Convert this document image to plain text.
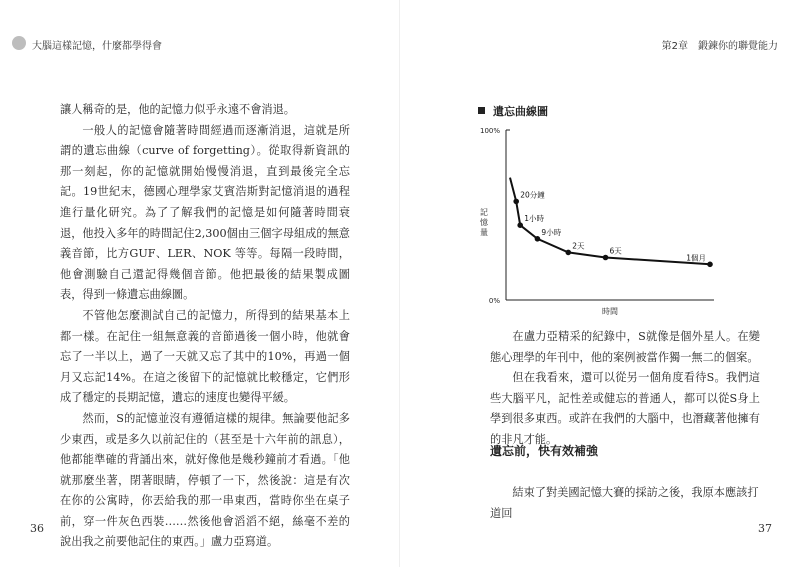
大腦這樣記憶，什麼都學得會

讓人稱奇的是，他的記憶力似乎永遠不會消退。

一般人的記憶會隨著時間經過而逐漸消退，這就是所謂的遺忘曲線（curve of forgetting）。從取得新資訊的那一刻起，你的記憶就開始慢慢消退，直到最後完全忘記。19世紀末，德國心理學家艾賓浩斯對記憶消退的過程進行量化研究。為了了解我們的記憶是如何隨著時間衰退，他投入多年的時間記住2,300個由三個字母組成的無意義音節，比方GUF、LER、NOK 等等。每隔一段時間，他會測驗自己還記得幾個音節。他把最後的結果製成圖表，得到一條遺忘曲線圖。

不管他怎麼測試自己的記憶力，所得到的結果基本上都一樣。在記住一組無意義的音節過後一個小時，他就會忘了一半以上，過了一天就又忘了其中的10%，再過一個月又忘記14%。在這之後留下的記憶就比較穩定，它們形成了穩定的長期記憶，遺忘的速度也變得平緩。

然而，S的記憶並沒有遵循這樣的規律。無論要他記多少東西，或是多久以前記住的（甚至是十六年前的訊息），他都能準確的背誦出來，就好像他是幾秒鐘前才看過。「他就那麼坐著，閉著眼睛，停頓了一下，然後說：這是有次在你的公寓時，你丟給我的那一串東西，當時你坐在桌子前，穿一件灰色西裝……然後他會滔滔不絕，絲毫不差的說出我之前要他記住的東西。」盧力亞寫道。

36
第2章 鍛鍊你的聯覺能力
遺忘曲線圖
100%
0%
記憶量
時間
20分鐘
1小時
9小時
2天
6天
1個月

在盧力亞精采的紀錄中，S就像是個外星人。在變態心理學的年刊中，他的案例被當作獨一無二的個案。

但在我看來，還可以從另一個角度看待S。我們這些大腦平凡，記性差或健忘的普通人，都可以從S身上學到很多東西。或許在我們的大腦中，也潛藏著他擁有的非凡才能。

遺忘前，快有效補強

結束了對美國記憶大賽的採訪之後，我原本應該打道回

37
